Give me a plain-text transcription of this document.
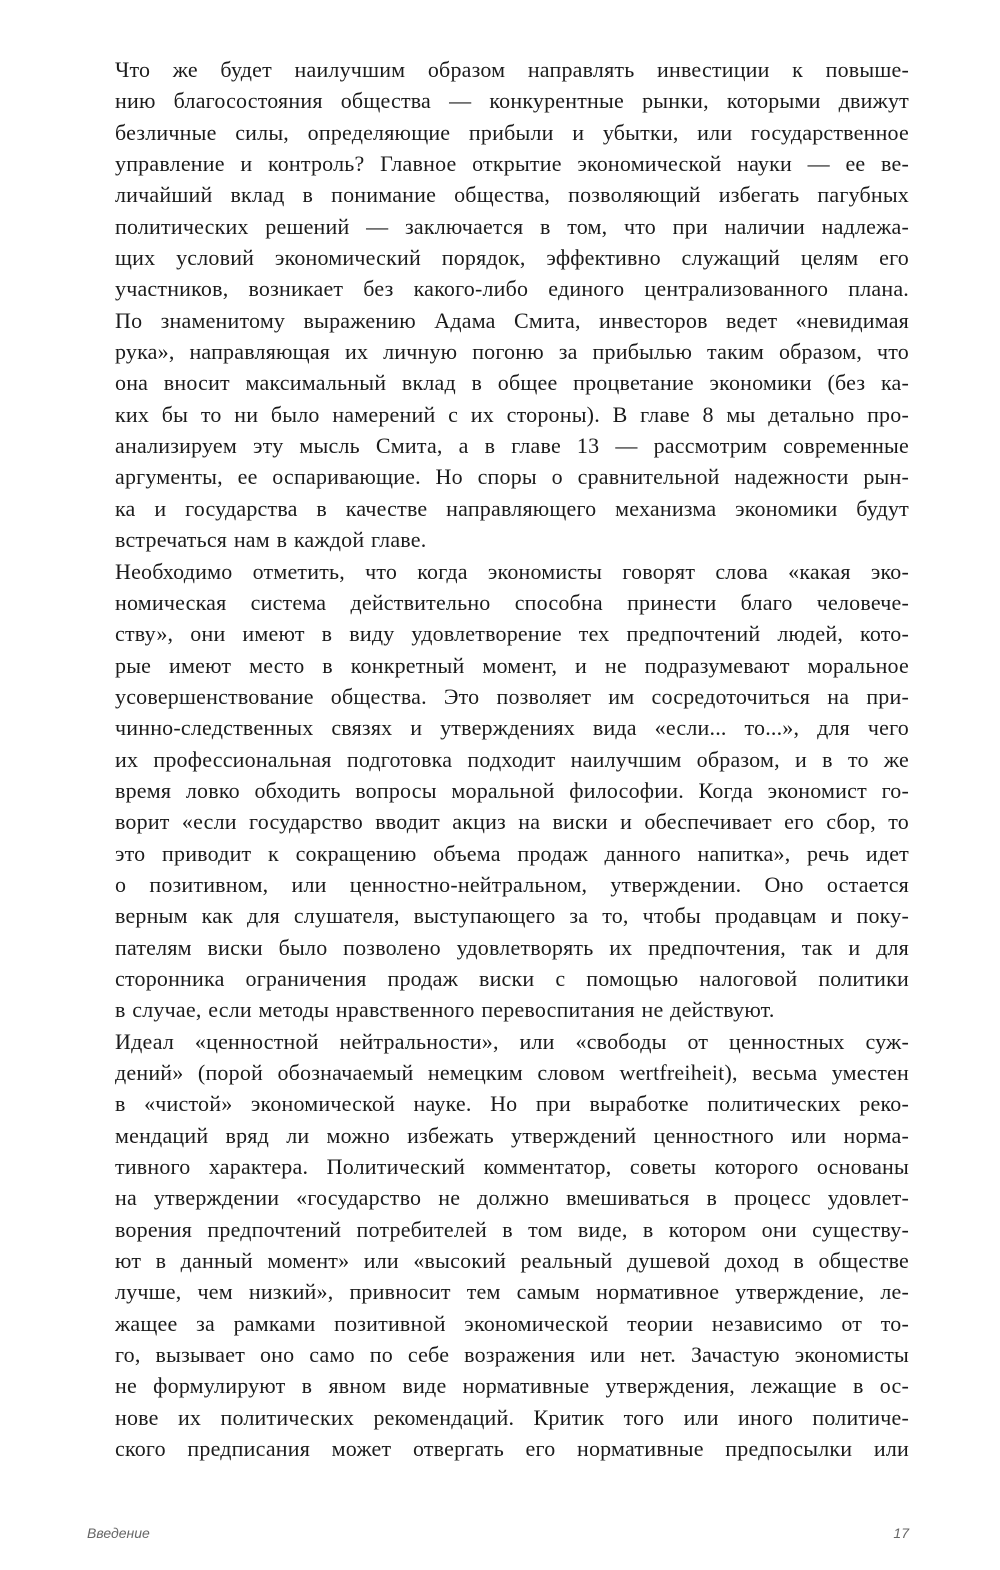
Что же будет наилучшим образом направлять инвестиции к повыше-
нию благосостояния общества — конкурентные рынки, которыми движут
безличные силы, определяющие прибыли и убытки, или государственное
управление и контроль? Главное открытие экономической науки — ее ве-
личайший вклад в понимание общества, позволяющий избегать пагубных
политических решений — заключается в том, что при наличии надлежа-
щих условий экономический порядок, эффективно служащий целям его
участников, возникает без какого-либо единого централизованного плана.
По знаменитому выражению Адама Смита, инвесторов ведет «невидимая
рука», направляющая их личную погоню за прибылью таким образом, что
она вносит максимальный вклад в общее процветание экономики (без ка-
ких бы то ни было намерений с их стороны). В главе 8 мы детально про-
анализируем эту мысль Смита, а в главе 13 — рассмотрим современные
аргументы, ее оспаривающие. Но споры о сравнительной надежности рын-
ка и государства в качестве направляющего механизма экономики будут
встречаться нам в каждой главе.

Необходимо отметить, что когда экономисты говорят слова «какая эко-
номическая система действительно способна принести благо человече-
ству», они имеют в виду удовлетворение тех предпочтений людей, кото-
рые имеют место в конкретный момент, и не подразумевают моральное
усовершенствование общества. Это позволяет им сосредоточиться на при-
чинно-следственных связях и утверждениях вида «если... то...», для чего
их профессиональная подготовка подходит наилучшим образом, и в то же
время ловко обходить вопросы моральной философии. Когда экономист го-
ворит «если государство вводит акциз на виски и обеспечивает его сбор, то
это приводит к сокращению объема продаж данного напитка», речь идет
о позитивном, или ценностно-нейтральном, утверждении. Оно остается
верным как для слушателя, выступающего за то, чтобы продавцам и поку-
пателям виски было позволено удовлетворять их предпочтения, так и для
сторонника ограничения продаж виски с помощью налоговой политики
в случае, если методы нравственного перевоспитания не действуют.

Идеал «ценностной нейтральности», или «свободы от ценностных суж-
дений» (порой обозначаемый немецким словом wertfreiheit), весьма уместен
в «чистой» экономической науке. Но при выработке политических реко-
мендаций вряд ли можно избежать утверждений ценностного или норма-
тивного характера. Политический комментатор, советы которого основаны
на утверждении «государство не должно вмешиваться в процесс удовлет-
ворения предпочтений потребителей в том виде, в котором они существу-
ют в данный момент» или «высокий реальный душевой доход в обществе
лучше, чем низкий», привносит тем самым нормативное утверждение, ле-
жащее за рамками позитивной экономической теории независимо от то-
го, вызывает оно само по себе возражения или нет. Зачастую экономисты
не формулируют в явном виде нормативные утверждения, лежащие в ос-
нове их политических рекомендаций. Критик того или иного политиче-
ского предписания может отвергать его нормативные предпосылки или

Введение	17
